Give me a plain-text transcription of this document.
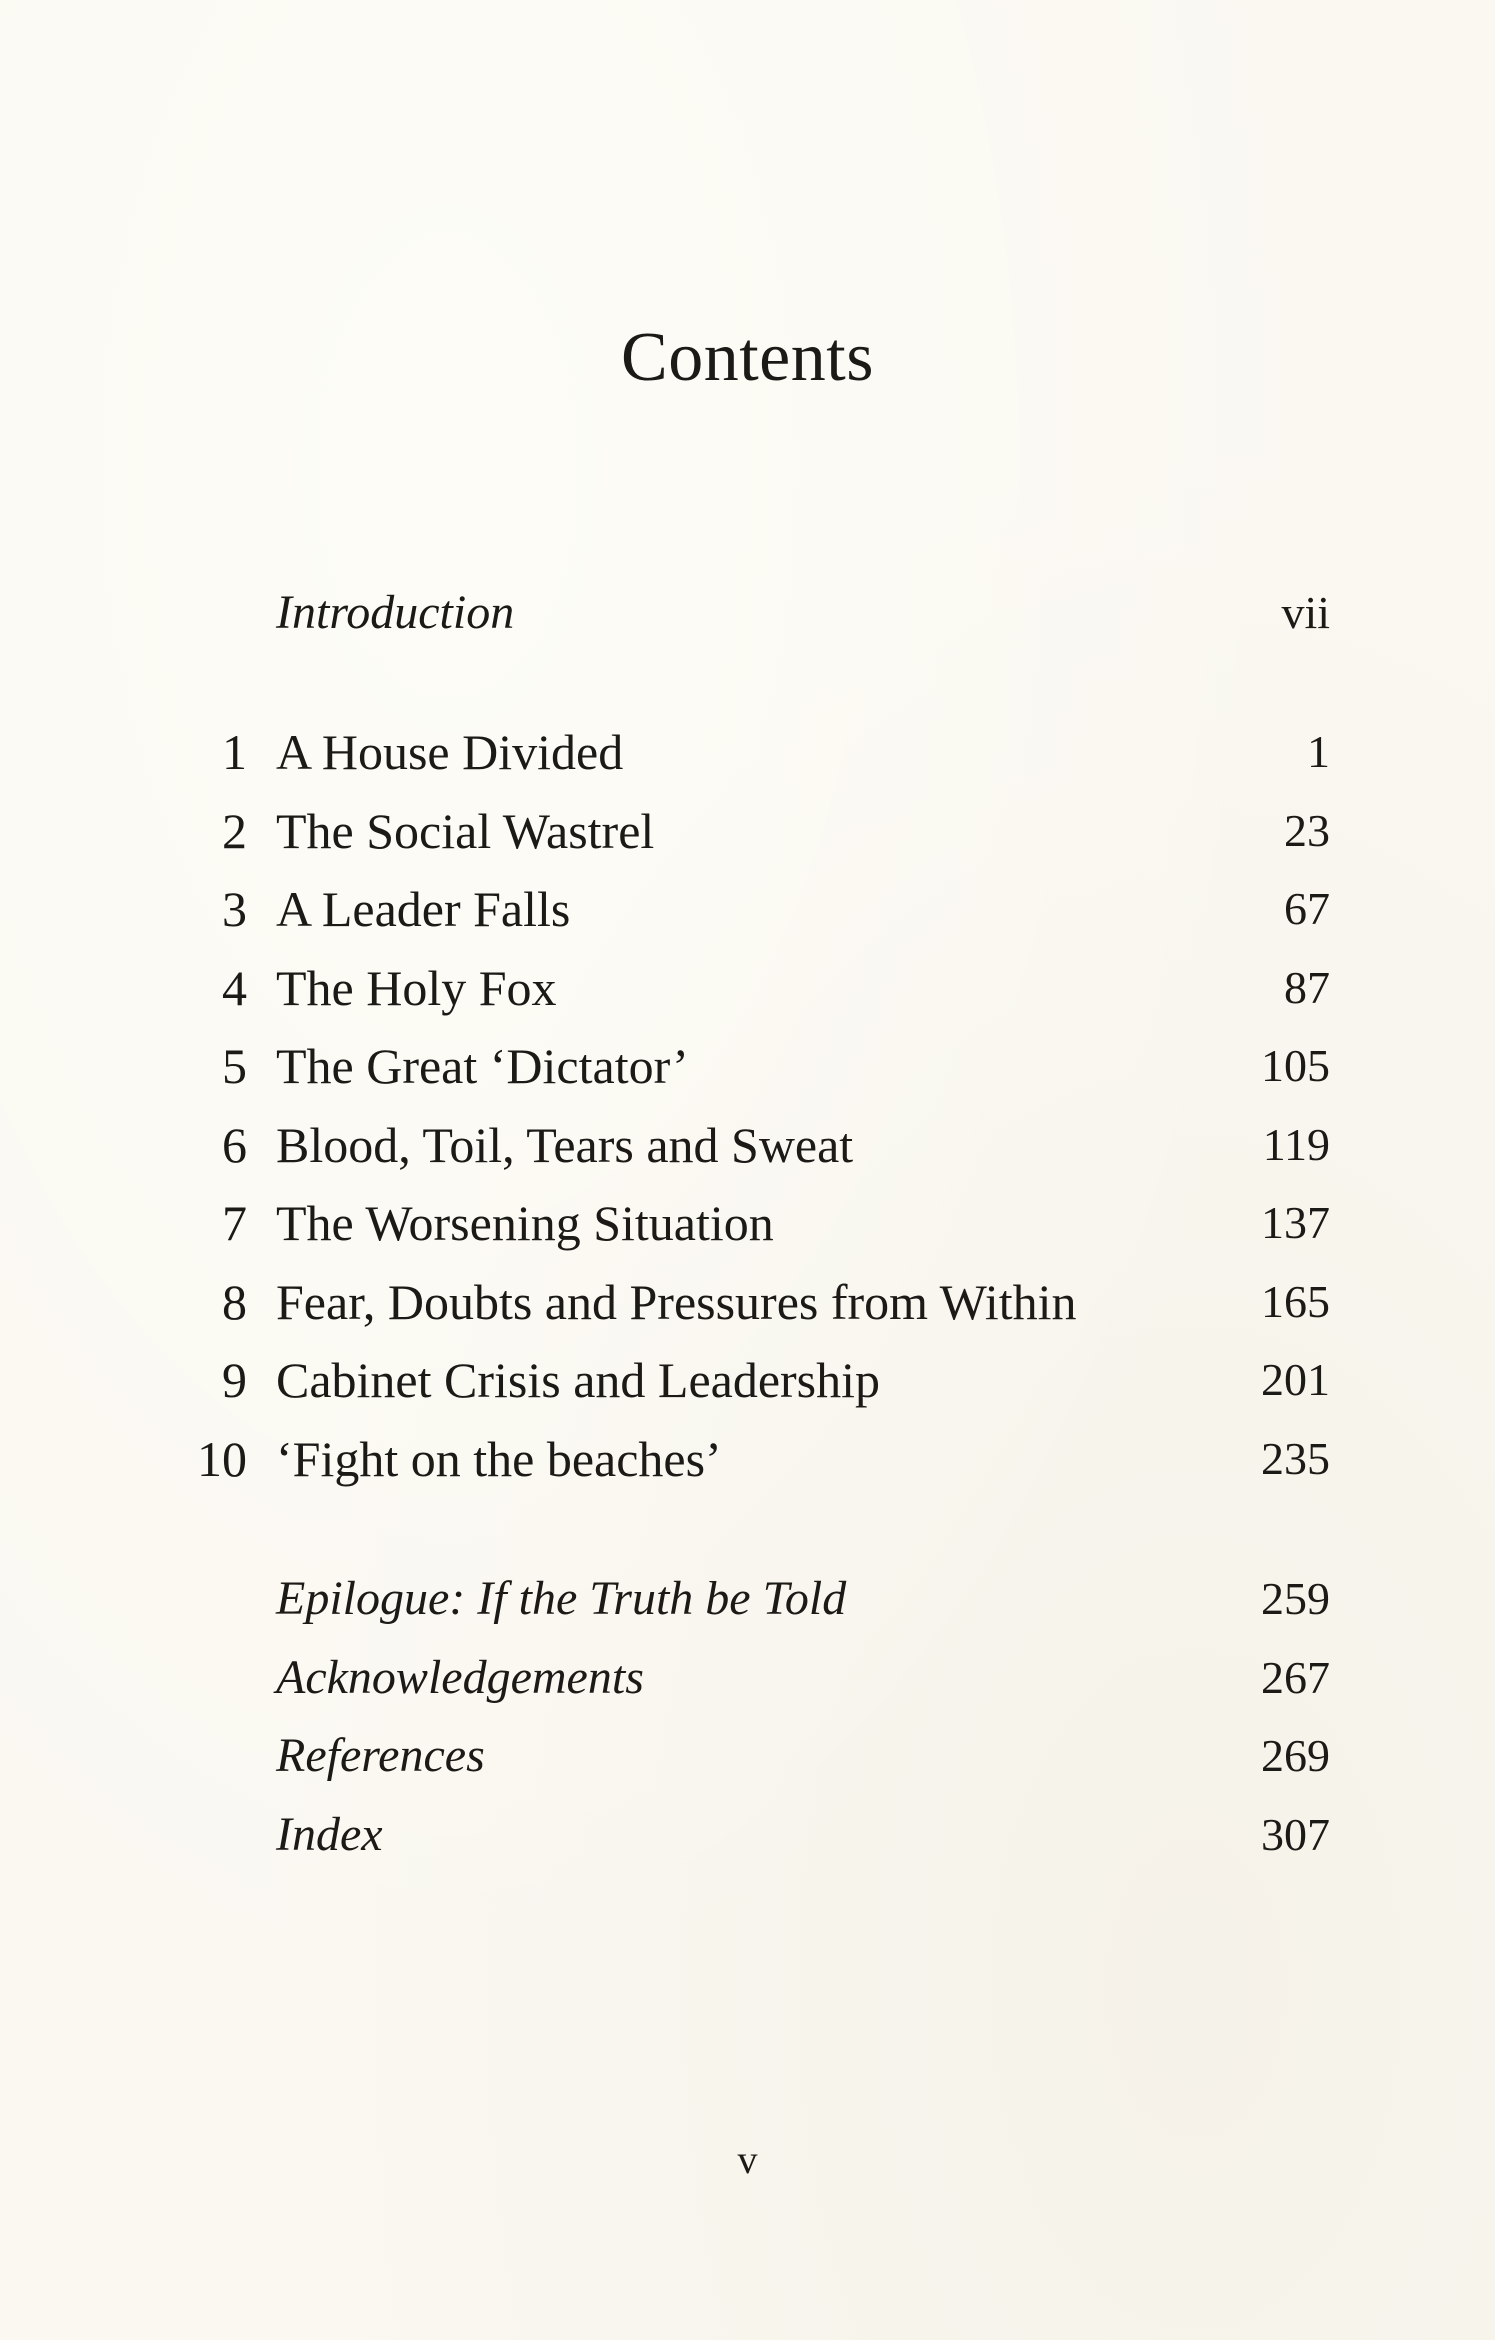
Contents
Introduction	vii
1 A House Divided	1
2 The Social Wastrel	23
3 A Leader Falls	67
4 The Holy Fox	87
5 The Great ‘Dictator’	105
6 Blood, Toil, Tears and Sweat	119
7 The Worsening Situation	137
8 Fear, Doubts and Pressures from Within	165
9 Cabinet Crisis and Leadership	201
10 ‘Fight on the beaches’	235
Epilogue: If the Truth be Told	259
Acknowledgements	267
References	269
Index	307
v
